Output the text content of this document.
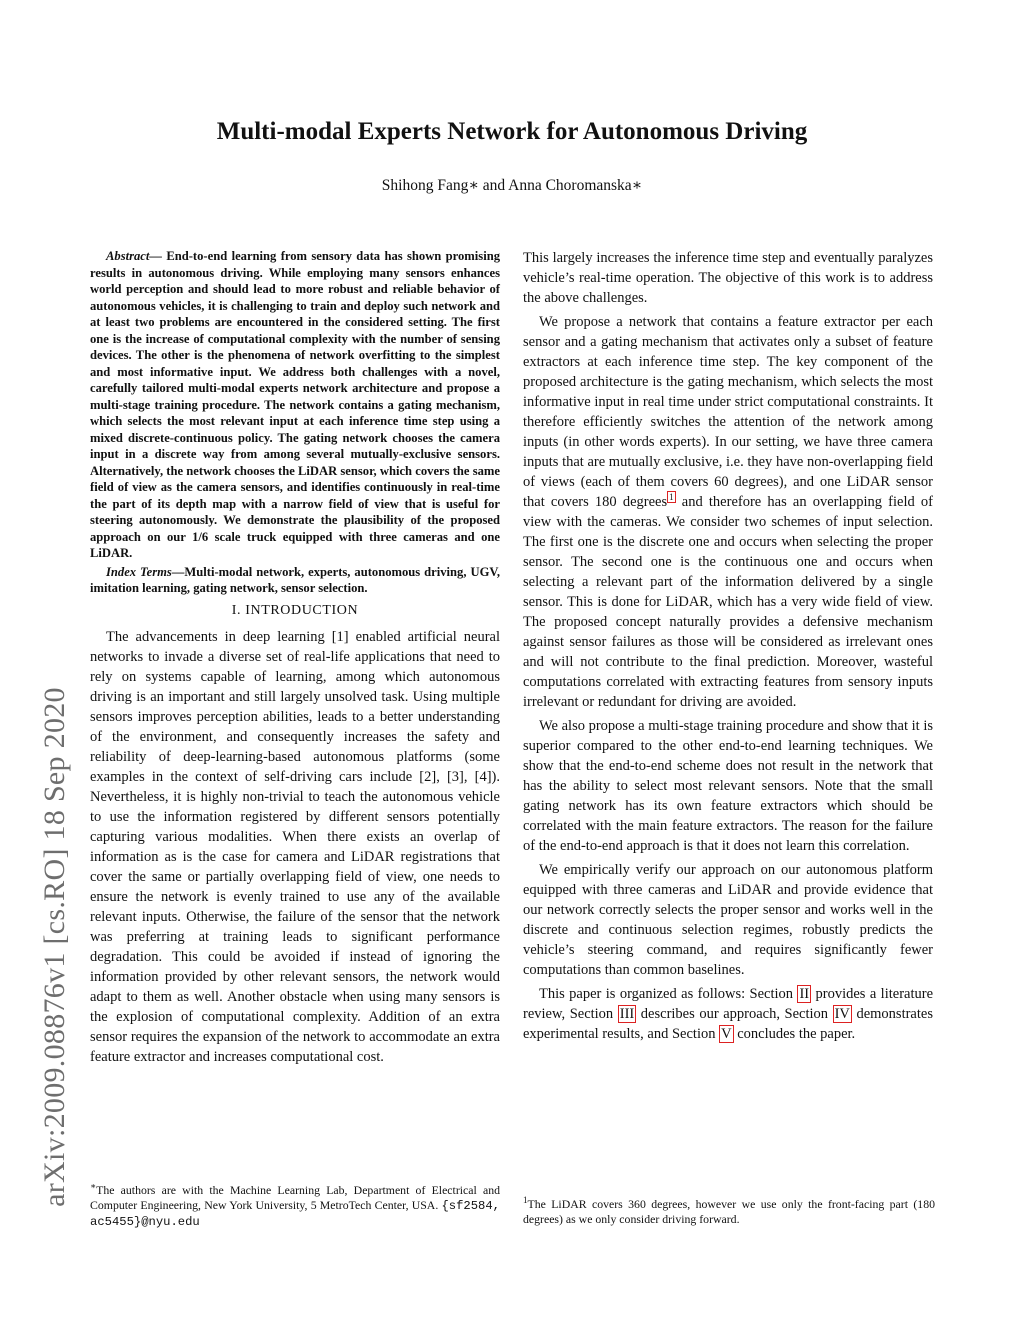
Multi-modal Experts Network for Autonomous Driving
Shihong Fang∗ and Anna Choromanska∗
arXiv:2009.08876v1 [cs.RO] 18 Sep 2020

Abstract— End-to-end learning from sensory data has shown promising results in autonomous driving. While employing many sensors enhances world perception and should lead to more robust and reliable behavior of autonomous vehicles, it is challenging to train and deploy such network and at least two problems are encountered in the considered setting. The first one is the increase of computational complexity with the number of sensing devices. The other is the phenomena of network overfitting to the simplest and most informative input. We address both challenges with a novel, carefully tailored multi-modal experts network architecture and propose a multi-stage training procedure. The network contains a gating mechanism, which selects the most relevant input at each inference time step using a mixed discrete-continuous policy. The gating network chooses the camera input in a discrete way from among several mutually-exclusive sensors. Alternatively, the network chooses the LiDAR sensor, which covers the same field of view as the camera sensors, and identifies continuously in real-time the part of its depth map with a narrow field of view that is useful for steering autonomously. We demonstrate the plausibility of the proposed approach on our 1/6 scale truck equipped with three cameras and one LiDAR.

Index Terms—Multi-modal network, experts, autonomous driving, UGV, imitation learning, gating network, sensor selection.

I. INTRODUCTION

The advancements in deep learning [1] enabled artificial neural networks to invade a diverse set of real-life applications that need to rely on systems capable of learning, among which autonomous driving is an important and still largely unsolved task. Using multiple sensors improves perception abilities, leads to a better understanding of the environment, and consequently increases the safety and reliability of deep-learning-based autonomous platforms (some examples in the context of self-driving cars include [2], [3], [4]). Nevertheless, it is highly non-trivial to teach the autonomous vehicle to use the information registered by different sensors potentially capturing various modalities. When there exists an overlap of information as is the case for camera and LiDAR registrations that cover the same or partially overlapping field of view, one needs to ensure the network is evenly trained to use any of the available relevant inputs. Otherwise, the failure of the sensor that the network was preferring at training leads to significant performance degradation. This could be avoided if instead of ignoring the information provided by other relevant sensors, the network would adapt to them as well. Another obstacle when using many sensors is the explosion of computational complexity. Addition of an extra sensor requires the expansion of the network to accommodate an extra feature extractor and increases computational cost.

This largely increases the inference time step and eventually paralyzes vehicle’s real-time operation. The objective of this work is to address the above challenges.

We propose a network that contains a feature extractor per each sensor and a gating mechanism that activates only a subset of feature extractors at each inference time step. The key component of the proposed architecture is the gating mechanism, which selects the most informative input in real time under strict computational constraints. It therefore efficiently switches the attention of the network among inputs (in other words experts). In our setting, we have three camera inputs that are mutually exclusive, i.e. they have non-overlapping field of views (each of them covers 60 degrees), and one LiDAR sensor that covers 180 degrees $^1$ and therefore has an overlapping field of view with the cameras. We consider two schemes of input selection. The first one is the discrete one and occurs when selecting the proper sensor. The second one is the continuous one and occurs when selecting a relevant part of the information delivered by a single sensor. This is done for LiDAR, which has a very wide field of view. The proposed concept naturally provides a defensive mechanism against sensor failures as those will be considered as irrelevant ones and will not contribute to the final prediction. Moreover, wasteful computations correlated with extracting features from sensory inputs irrelevant or redundant for driving are avoided.

We also propose a multi-stage training procedure and show that it is superior compared to the other end-to-end learning techniques. We show that the end-to-end scheme does not result in the network that has the ability to select most relevant sensors. Note that the small gating network has its own feature extractors which should be correlated with the main feature extractors. The reason for the failure of the end-to-end approach is that it does not learn this correlation.

We empirically verify our approach on our autonomous platform equipped with three cameras and LiDAR and provide evidence that our network correctly selects the proper sensor and works well in the discrete and continuous selection regimes, robustly predicts the vehicle’s steering command, and requires significantly fewer computations than common baselines.

This paper is organized as follows: Section II provides a literature review, Section III describes our approach, Section IV demonstrates experimental results, and Section V concludes the paper.

∗The authors are with the Machine Learning Lab, Department of Electrical and Computer Engineering, New York University, 5 MetroTech Center, USA. {sf2584, ac5455}@nyu.edu
$^1$The LiDAR covers 360 degrees, however we use only the front-facing part (180 degrees) as we only consider driving forward.
